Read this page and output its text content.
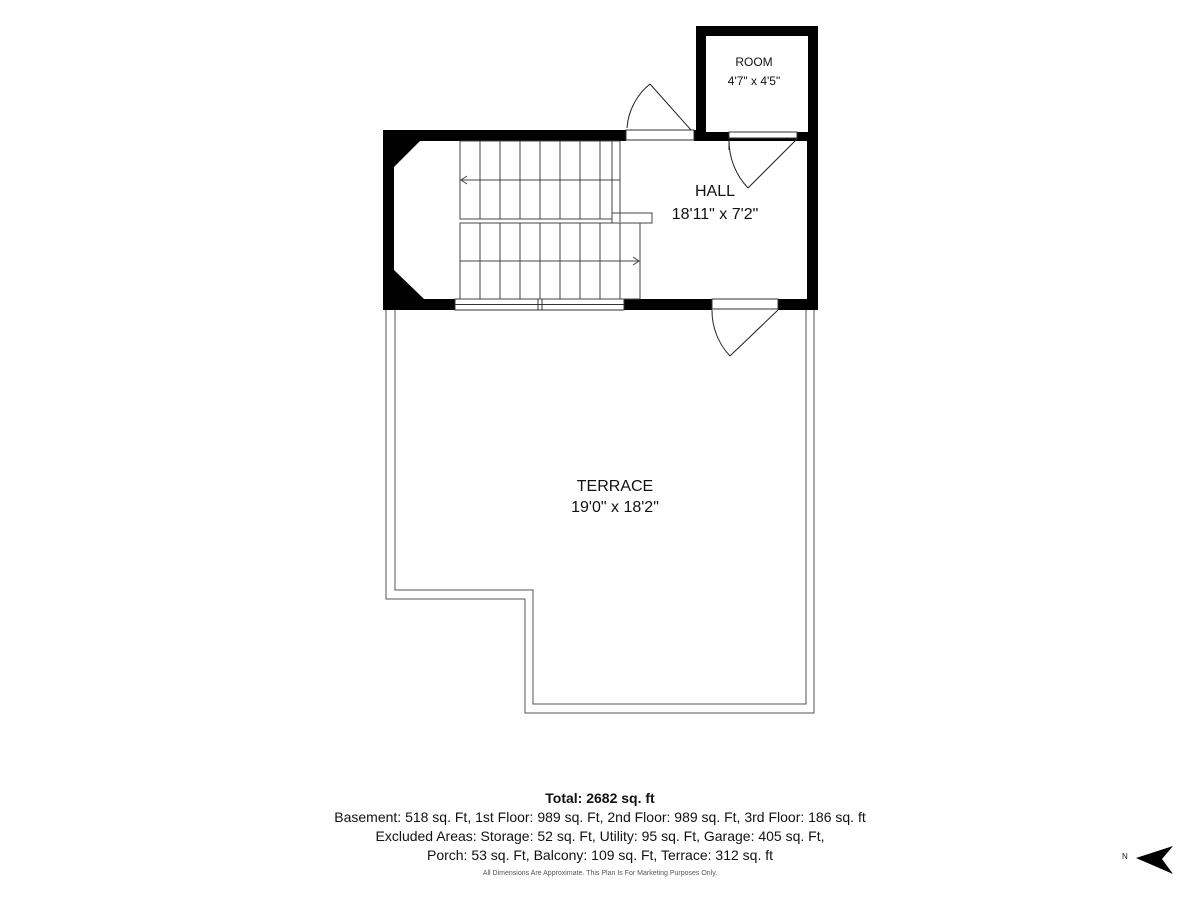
ROOM
4'7" x 4'5"
HALL
18'11" x 7'2"
TERRACE
19'0" x 18'2"
Total: 2682 sq. ft
Basement: 518 sq. Ft, 1st Floor: 989 sq. Ft, 2nd Floor: 989 sq. Ft, 3rd Floor: 186 sq. ft
Excluded Areas: Storage: 52 sq. Ft, Utility: 95 sq. Ft, Garage: 405 sq. Ft,
Porch: 53 sq. Ft, Balcony: 109 sq. Ft, Terrace: 312 sq. ft
All Dimensions Are Approximate. This Plan Is For Marketing Purposes Only.
N
